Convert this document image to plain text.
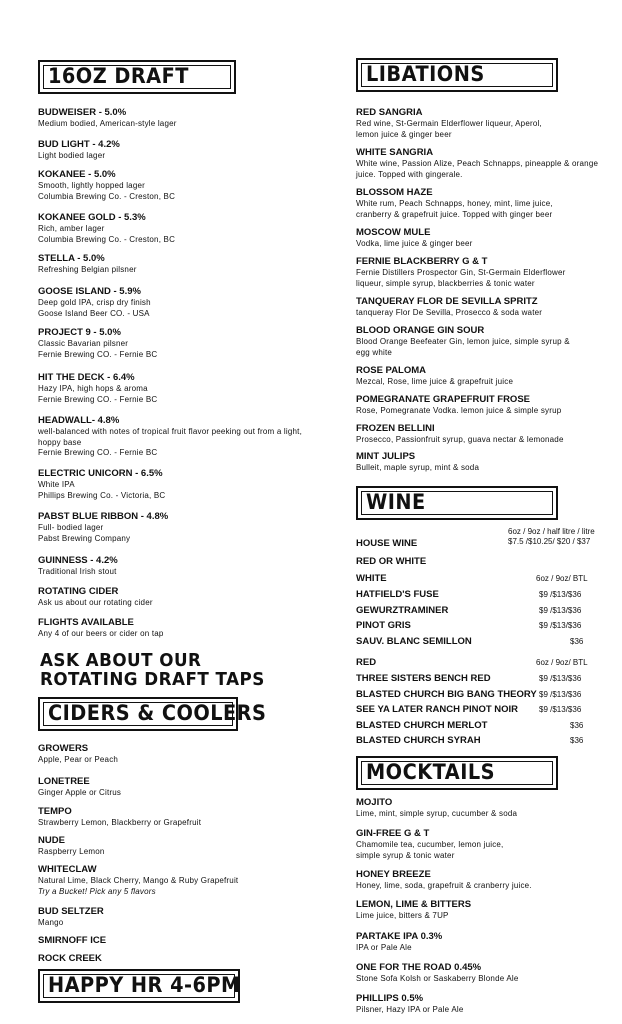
16OZ DRAFT
BUDWEISER - 5.0%
Medium bodied, American-style lager
BUD LIGHT - 4.2%
Light bodied lager
KOKANEE - 5.0%
Smooth, lightly hopped lager
Columbia Brewing Co. - Creston, BC
KOKANEE GOLD - 5.3%
Rich, amber lager
Columbia Brewing Co. - Creston, BC
STELLA - 5.0%
Refreshing Belgian pilsner
GOOSE ISLAND - 5.9%
Deep gold IPA, crisp dry finish
Goose Island Beer CO. - USA
PROJECT 9 - 5.0%
Classic Bavarian pilsner
Fernie Brewing CO. - Fernie BC
HIT THE DECK - 6.4%
Hazy IPA, high hops & aroma
Fernie Brewing CO. - Fernie BC
HEADWALL- 4.8%
well-balanced with notes of tropical fruit flavor peeking out from a light, hoppy base
Fernie Brewing CO. - Fernie BC
ELECTRIC UNICORN - 6.5%
White IPA
Phillips Brewing Co. - Victoria, BC
PABST BLUE RIBBON - 4.8%
Full- bodied lager
Pabst Brewing Company
GUINNESS - 4.2%
Traditional Irish stout
ROTATING CIDER
Ask us about our rotating cider
FLIGHTS AVAILABLE
Any 4 of our beers or cider on tap
ASK ABOUT OUR
ROTATING DRAFT TAPS
CIDERS & COOLERS
GROWERS
Apple, Pear or Peach
LONETREE
Ginger Apple or Citrus
TEMPO
Strawberry Lemon, Blackberry or Grapefruit
NUDE
Raspberry Lemon
WHITECLAW
Natural Lime, Black Cherry, Mango & Ruby Grapefruit
Try a Bucket! Pick any 5 flavors
BUD SELTZER
Mango
SMIRNOFF ICE
ROCK CREEK
HAPPY HR 4-6PM
LIBATIONS
RED SANGRIA
Red wine, St-Germain Elderflower liqueur, Aperol,
lemon juice & ginger beer
WHITE SANGRIA
White wine, Passion Alize, Peach Schnapps, pineapple & orange
juice. Topped with gingerale.
BLOSSOM HAZE
White rum, Peach Schnapps, honey, mint, lime juice,
cranberry & grapefruit juice. Topped with ginger beer
MOSCOW MULE
Vodka, lime juice & ginger beer
FERNIE BLACKBERRY G & T
Fernie Distillers Prospector Gin, St-Germain Elderflower
liqueur, simple syrup, blackberries & tonic water
TANQUERAY FLOR DE SEVILLA SPRITZ
tanqueray Flor De Sevilla, Prosecco & soda water
BLOOD ORANGE GIN SOUR
Blood Orange Beefeater Gin, lemon juice, simple syrup &
egg white
ROSE PALOMA
Mezcal, Rose, lime juice & grapefruit juice
POMEGRANATE GRAPEFRUIT FROSE
Rose, Pomegranate Vodka. lemon juice & simple syrup
FROZEN BELLINI
Prosecco, Passionfruit syrup, guava nectar & lemonade
MINT JULIPS
Bulleit, maple syrup, mint & soda
WINE
HOUSE WINE
6oz / 9oz / half litre / litre
$7.5 /$10.25/ $20 / $37
RED OR WHITE
WHITE	6oz / 9oz/ BTL
HATFIELD'S FUSE	$9 /$13/$36
GEWURZTRAMINER	$9 /$13/$36
PINOT GRIS	$9 /$13/$36
SAUV. BLANC SEMILLON	$36
RED	6oz / 9oz/ BTL
THREE SISTERS BENCH RED	$9 /$13/$36
BLASTED CHURCH BIG BANG THEORY $9 /$13/$36
SEE YA LATER RANCH PINOT NOIR	$9 /$13/$36
BLASTED CHURCH MERLOT	$36
BLASTED CHURCH SYRAH	$36
MOCKTAILS
MOJITO
Lime, mint, simple syrup, cucumber & soda
GIN-FREE G & T
Chamomile tea, cucumber, lemon juice,
simple syrup & tonic water
HONEY BREEZE
Honey, lime, soda, grapefruit & cranberry juice.
LEMON, LIME & BITTERS
Lime juice, bitters & 7UP
PARTAKE IPA 0.3%
IPA or Pale Ale
ONE FOR THE ROAD 0.45%
Stone Sofa Kolsh or Saskaberry Blonde Ale
PHILLIPS 0.5%
Pilsner, Hazy IPA or Pale Ale
